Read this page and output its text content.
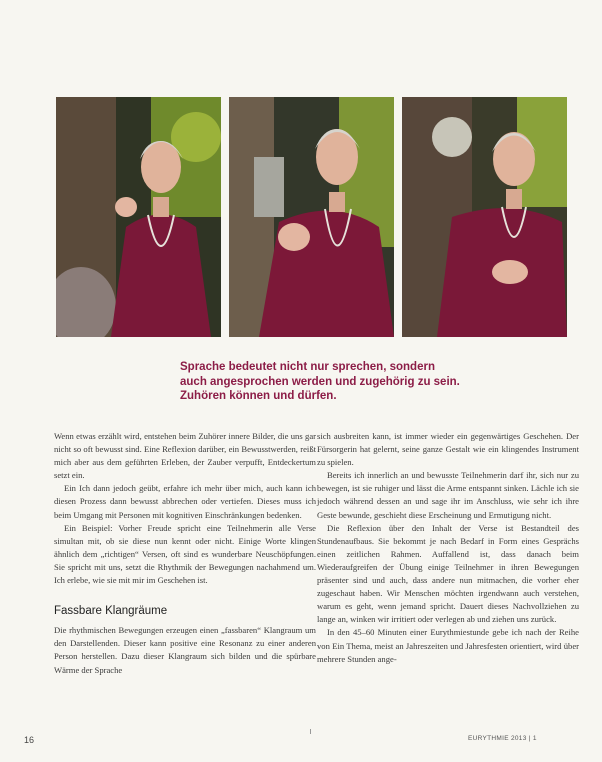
Sprache bedeutet nicht nur sprechen, sondern
auch angesprochen werden und zugehörig zu sein.
Zuhören können und dürfen.

Wenn etwas erzählt wird, entstehen beim Zuhörer innere Bilder, die uns gar nicht so oft bewusst sind. Eine Reflexion darüber, ein Bewusstwerden, reißt mich aber aus dem geführten Erleben, der Zauber verpufft, Entdeckertum setzt ein.

Ein Ich dann jedoch geübt, erfahre ich mehr über mich, auch kann ich diesen Prozess dann bewusst abbrechen oder vertiefen. Dieses muss ich beim Umgang mit Personen mit kognitiven Einschränkungen bedenken.

Ein Beispiel: Vorher Freude spricht eine Teilnehmerin alle Verse simultan mit, ob sie diese nun kennt oder nicht. Einige Worte klingen ähnlich dem „richtigen“ Versen, oft sind es wunderbare Neuschöpfungen. Sie spricht mit uns, setzt die Rhythmik der Bewegungen nachahmend um. Ich erlebe, wie sie mit mir im Geschehen ist.

Fassbare Klangräume

Die rhythmischen Bewegungen erzeugen einen „fassbaren“ Klangraum um den Darstellenden. Dieser kann positive eine Resonanz zu einer anderen Person herstellen. Dazu dieser Klangraum sich bilden und die spürbare Wärme der Sprache

sich ausbreiten kann, ist immer wieder ein gegenwärtiges Geschehen. Der Fürsorgerin hat gelernt, seine ganze Gestalt wie ein klingendes Instrument zu spielen.

Bereits ich innerlich an und bewusste Teilnehmerin darf ihr, sich nur zu bewegen, ist sie ruhiger und lässt die Arme entspannt sinken. Lächle ich sie jedoch während dessen an und sage ihr im Anschluss, wie sehr ich ihre Geste bewunde, geschieht diese Erscheinung und Ermutigung nicht.

Die Reflexion über den Inhalt der Verse ist Bestandteil des Stundenaufbaus. Sie bekommt je nach Bedarf in Form eines Gesprächs einen zeitlichen Rahmen. Auffallend ist, dass danach beim Wiederaufgreifen der Übung einige Teilnehmer in ihren Bewegungen präsenter sind und auch, dass andere nun mitmachen, die vorher eher zugeschaut haben. Wir Menschen möchten irgendwann auch verstehen, warum es geht, wenn jemand spricht. Dauert dieses Nachvollziehen zu lange an, winken wir irritiert oder verlegen ab und ziehen uns zurück.

In den 45–60 Minuten einer Eurythmiestunde gebe ich nach der Reihe von Ein Thema, meist an Jahreszeiten und Jahresfesten orientiert, wird über mehrere Stunden ange-

16	EURYTHMIE 2013 | 1
